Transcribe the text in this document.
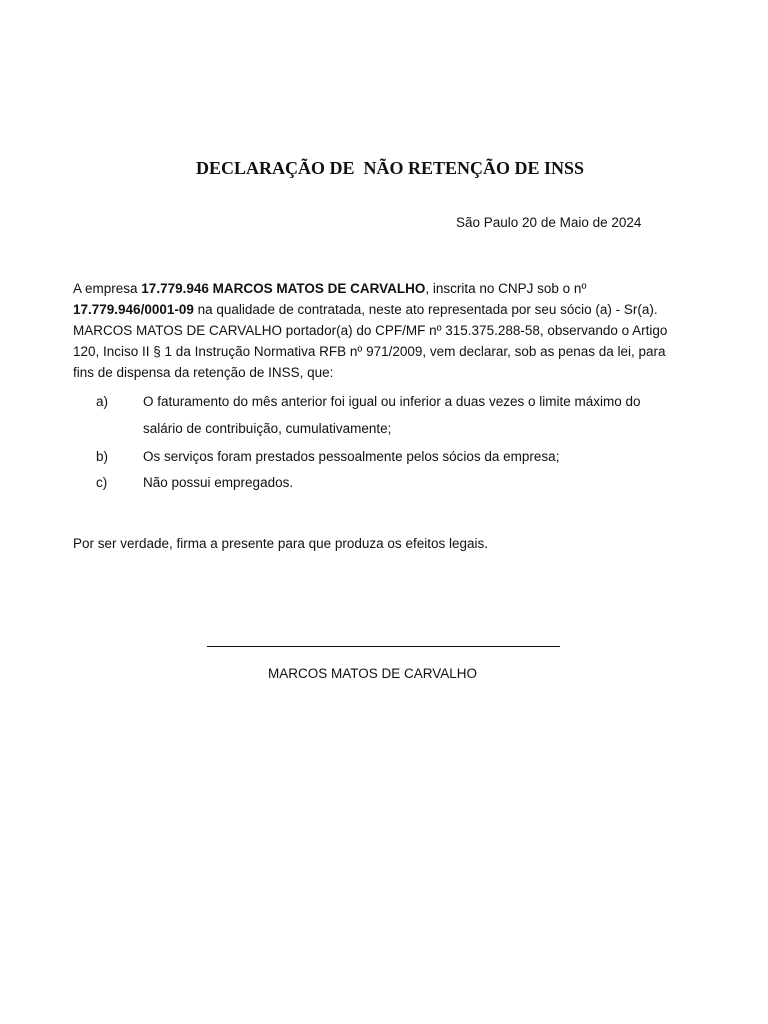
DECLARAÇÃO DE  NÃO RETENÇÃO DE INSS
São Paulo 20 de Maio de 2024
A empresa 17.779.946 MARCOS MATOS DE CARVALHO, inscrita no CNPJ sob o nº
17.779.946/0001-09 na qualidade de contratada, neste ato representada por seu sócio (a) - Sr(a).
MARCOS MATOS DE CARVALHO portador(a) do CPF/MF nº 315.375.288-58, observando o Artigo
120, Inciso II § 1 da Instrução Normativa RFB nº 971/2009, vem declarar, sob as penas da lei, para
fins de dispensa da retenção de INSS, que:
a)	O faturamento do mês anterior foi igual ou inferior a duas vezes o limite máximo do
salário de contribuição, cumulativamente;
b)	Os serviços foram prestados pessoalmente pelos sócios da empresa;
c)	Não possui empregados.
Por ser verdade, firma a presente para que produza os efeitos legais.
MARCOS MATOS DE CARVALHO
